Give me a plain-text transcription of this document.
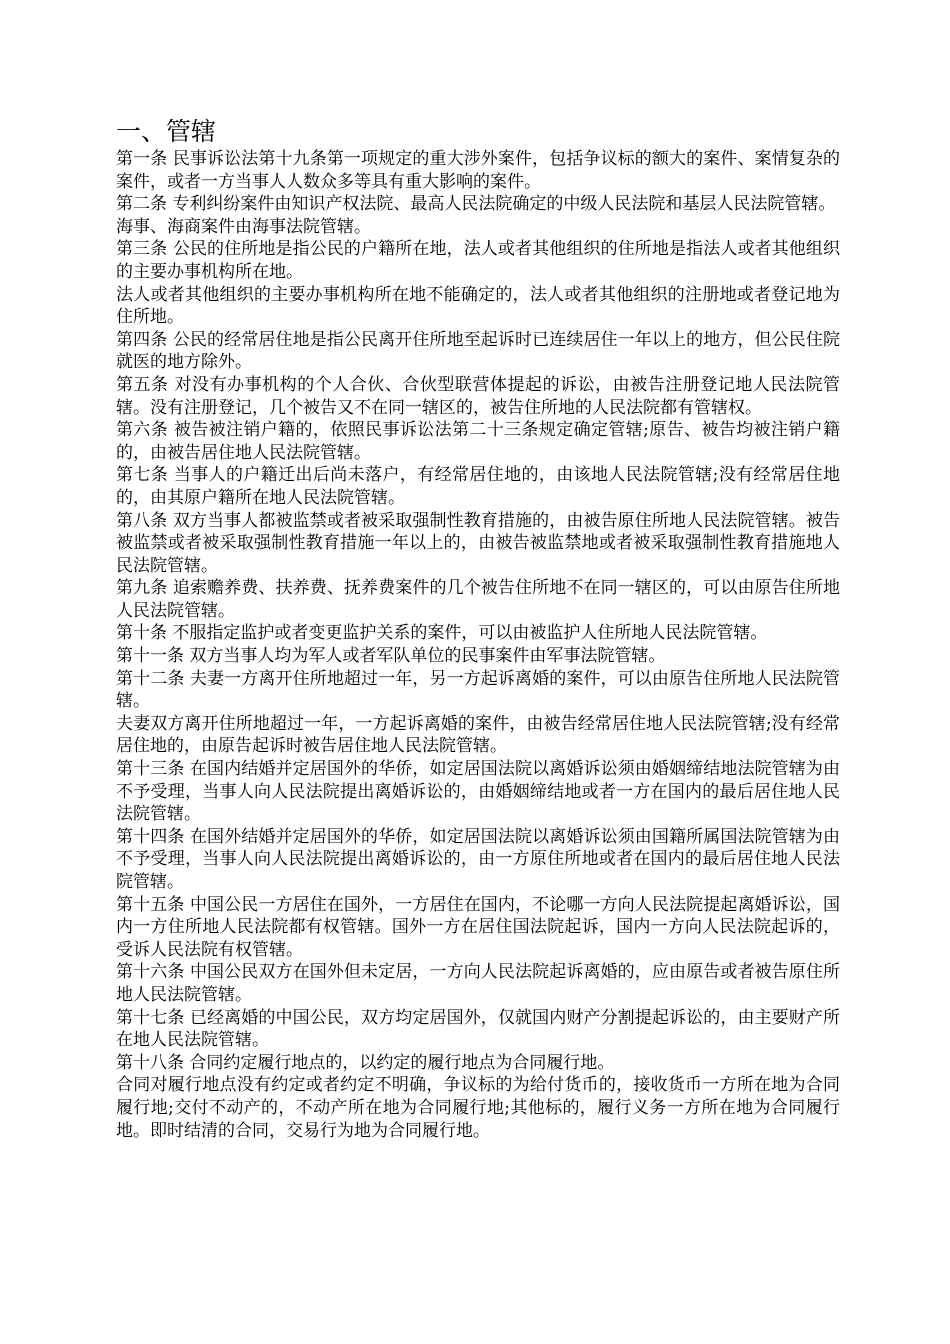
一、管辖

第一条 民事诉讼法第十九条第一项规定的重大涉外案件，包括争议标的额大的案件、案情复杂的案件，或者一方当事人人数众多等具有重大影响的案件。

第二条 专利纠纷案件由知识产权法院、最高人民法院确定的中级人民法院和基层人民法院管辖。

海事、海商案件由海事法院管辖。

第三条 公民的住所地是指公民的户籍所在地，法人或者其他组织的住所地是指法人或者其他组织的主要办事机构所在地。

法人或者其他组织的主要办事机构所在地不能确定的，法人或者其他组织的注册地或者登记地为住所地。

第四条 公民的经常居住地是指公民离开住所地至起诉时已连续居住一年以上的地方，但公民住院就医的地方除外。

第五条 对没有办事机构的个人合伙、合伙型联营体提起的诉讼，由被告注册登记地人民法院管辖。没有注册登记，几个被告又不在同一辖区的，被告住所地的人民法院都有管辖权。

第六条 被告被注销户籍的，依照民事诉讼法第二十三条规定确定管辖;原告、被告均被注销户籍的，由被告居住地人民法院管辖。

第七条 当事人的户籍迁出后尚未落户，有经常居住地的，由该地人民法院管辖;没有经常居住地的，由其原户籍所在地人民法院管辖。

第八条 双方当事人都被监禁或者被采取强制性教育措施的，由被告原住所地人民法院管辖。被告被监禁或者被采取强制性教育措施一年以上的，由被告被监禁地或者被采取强制性教育措施地人民法院管辖。

第九条 追索赡养费、扶养费、抚养费案件的几个被告住所地不在同一辖区的，可以由原告住所地人民法院管辖。

第十条 不服指定监护或者变更监护关系的案件，可以由被监护人住所地人民法院管辖。

第十一条 双方当事人均为军人或者军队单位的民事案件由军事法院管辖。

第十二条 夫妻一方离开住所地超过一年，另一方起诉离婚的案件，可以由原告住所地人民法院管辖。

夫妻双方离开住所地超过一年，一方起诉离婚的案件，由被告经常居住地人民法院管辖;没有经常居住地的，由原告起诉时被告居住地人民法院管辖。

第十三条 在国内结婚并定居国外的华侨，如定居国法院以离婚诉讼须由婚姻缔结地法院管辖为由不予受理，当事人向人民法院提出离婚诉讼的，由婚姻缔结地或者一方在国内的最后居住地人民法院管辖。

第十四条 在国外结婚并定居国外的华侨，如定居国法院以离婚诉讼须由国籍所属国法院管辖为由不予受理，当事人向人民法院提出离婚诉讼的，由一方原住所地或者在国内的最后居住地人民法院管辖。

第十五条 中国公民一方居住在国外，一方居住在国内，不论哪一方向人民法院提起离婚诉讼，国内一方住所地人民法院都有权管辖。国外一方在居住国法院起诉，国内一方向人民法院起诉的，受诉人民法院有权管辖。

第十六条 中国公民双方在国外但未定居，一方向人民法院起诉离婚的，应由原告或者被告原住所地人民法院管辖。

第十七条 已经离婚的中国公民，双方均定居国外，仅就国内财产分割提起诉讼的，由主要财产所在地人民法院管辖。

第十八条 合同约定履行地点的，以约定的履行地点为合同履行地。

合同对履行地点没有约定或者约定不明确，争议标的为给付货币的，接收货币一方所在地为合同履行地;交付不动产的，不动产所在地为合同履行地;其他标的，履行义务一方所在地为合同履行地。即时结清的合同，交易行为地为合同履行地。
